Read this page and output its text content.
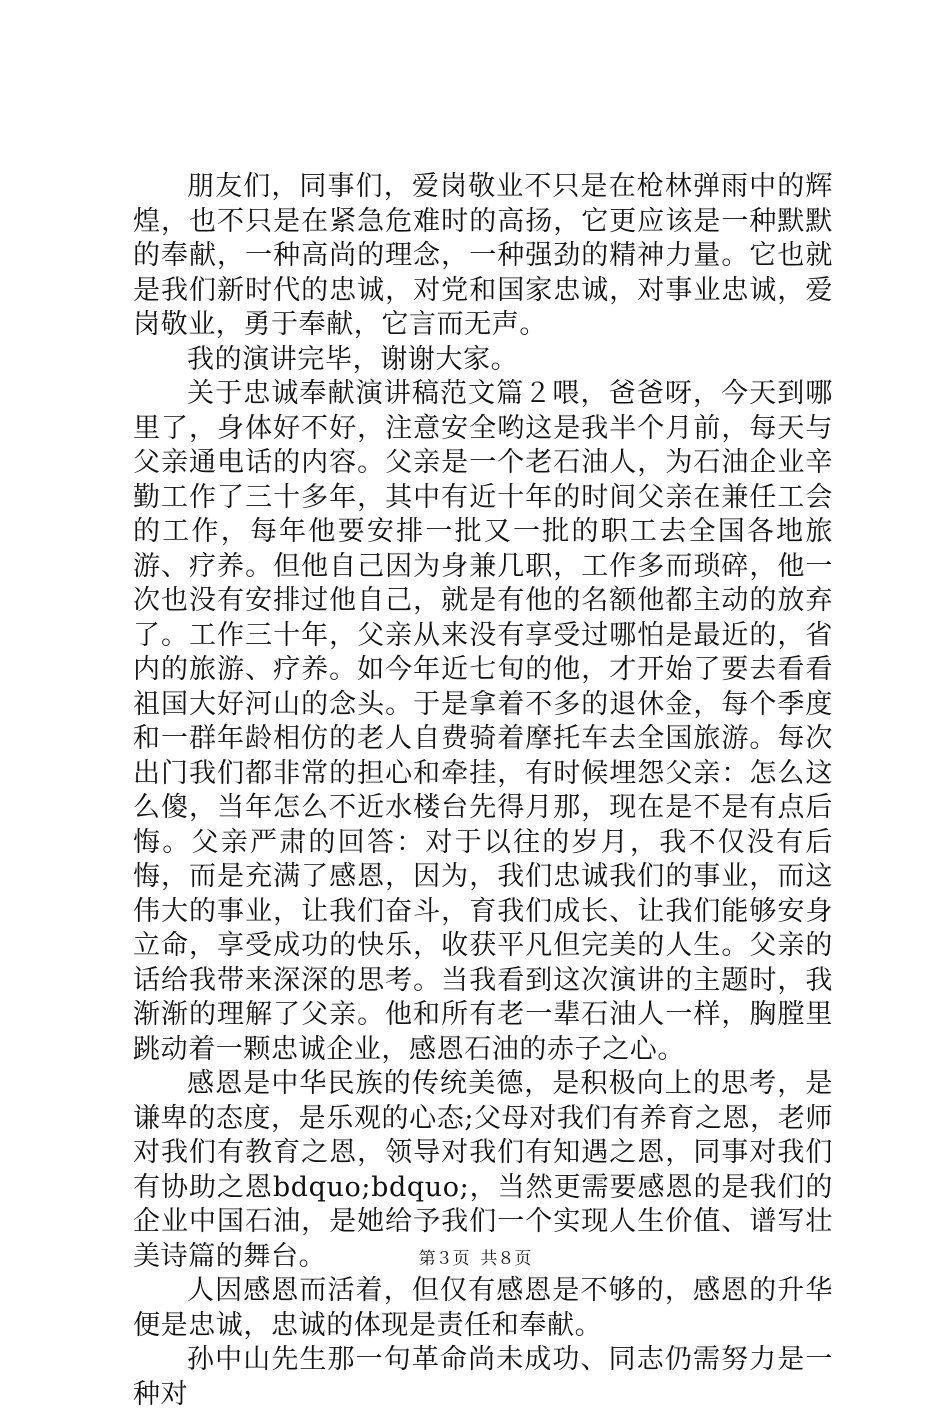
朋友们，同事们，爱岗敬业不只是在枪林弹雨中的辉煌，也不只是在紧急危难时的高扬，它更应该是一种默默的奉献，一种高尚的理念，一种强劲的精神力量。它也就是我们新时代的忠诚，对党和国家忠诚，对事业忠诚，爱岗敬业，勇于奉献，它言而无声。

我的演讲完毕，谢谢大家。

关于忠诚奉献演讲稿范文篇２喂，爸爸呀，今天到哪里了，身体好不好，注意安全哟这是我半个月前，每天与父亲通电话的内容。父亲是一个老石油人，为石油企业辛勤工作了三十多年，其中有近十年的时间父亲在兼任工会的工作，每年他要安排一批又一批的职工去全国各地旅游、疗养。但他自己因为身兼几职，工作多而琐碎，他一次也没有安排过他自己，就是有他的名额他都主动的放弃了。工作三十年，父亲从来没有享受过哪怕是最近的，省内的旅游、疗养。如今年近七旬的他，才开始了要去看看祖国大好河山的念头。于是拿着不多的退休金，每个季度和一群年龄相仿的老人自费骑着摩托车去全国旅游。每次出门我们都非常的担心和牵挂，有时候埋怨父亲：怎么这么傻，当年怎么不近水楼台先得月那，现在是不是有点后悔。父亲严肃的回答：对于以往的岁月，我不仅没有后悔，而是充满了感恩，因为，我们忠诚我们的事业，而这伟大的事业，让我们奋斗，育我们成长、让我们能够安身立命，享受成功的快乐，收获平凡但完美的人生。父亲的话给我带来深深的思考。当我看到这次演讲的主题时，我渐渐的理解了父亲。他和所有老一辈石油人一样，胸膛里跳动着一颗忠诚企业，感恩石油的赤子之心。

感恩是中华民族的传统美德，是积极向上的思考，是谦卑的态度，是乐观的心态;父母对我们有养育之恩，老师对我们有教育之恩，领导对我们有知遇之恩，同事对我们有协助之恩bdquo;bdquo;，当然更需要感恩的是我们的企业中国石油，是她给予我们一个实现人生价值、谱写壮美诗篇的舞台。

人因感恩而活着，但仅有感恩是不够的，感恩的升华便是忠诚，忠诚的体现是责任和奉献。

孙中山先生那一句革命尚未成功、同志仍需努力是一种对

第３页 共８页
